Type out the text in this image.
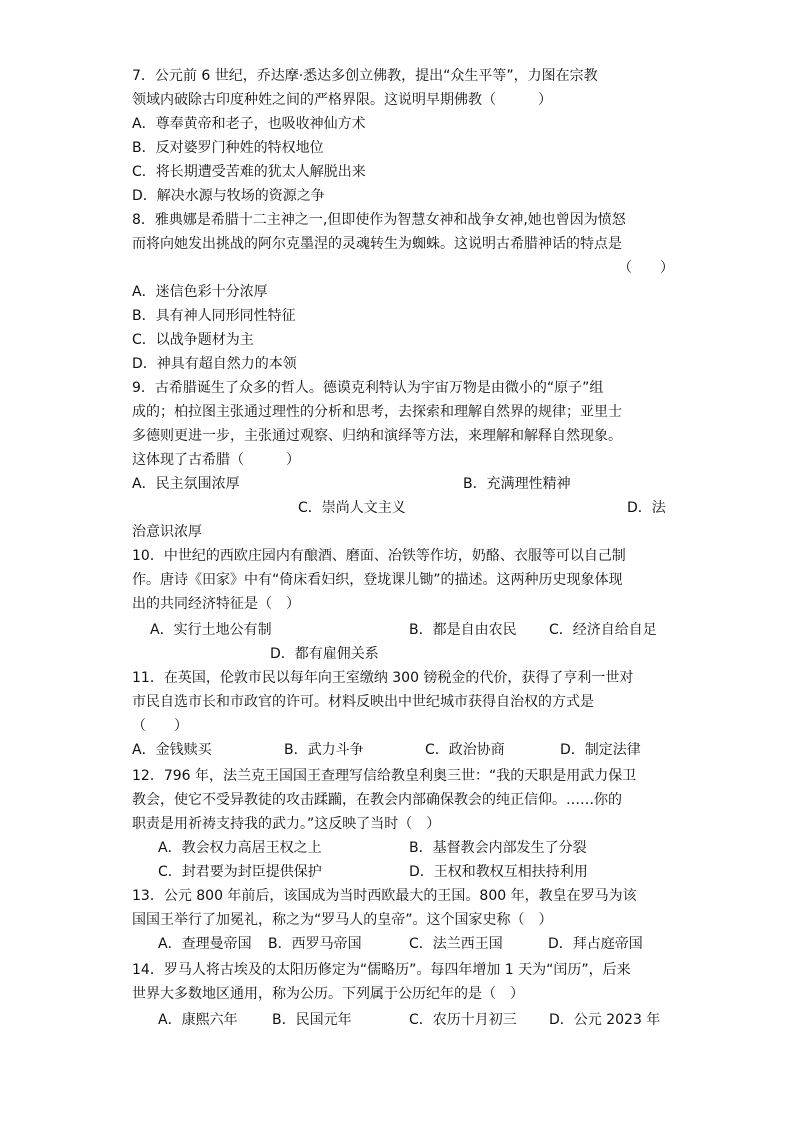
7．公元前 6 世纪，乔达摩·悉达多创立佛教，提出“众生平等”，力图在宗教
领域内破除古印度种姓之间的严格界限。这说明早期佛教（　　　）
A．尊奉黄帝和老子，也吸收神仙方术
B．反对婆罗门种姓的特权地位
C．将长期遭受苦难的犹太人解脱出来
D．解决水源与牧场的资源之争
8．雅典娜是希腊十二主神之一,但即使作为智慧女神和战争女神,她也曾因为愤怒
而将向她发出挑战的阿尔克墨涅的灵魂转生为蜘蛛。这说明古希腊神话的特点是
（　　）
A．迷信色彩十分浓厚
B．具有神人同形同性特征
C．以战争题材为主
D．神具有超自然力的本领
9．古希腊诞生了众多的哲人。德谟克利特认为宇宙万物是由微小的“原子”组
成的；柏拉图主张通过理性的分析和思考，去探索和理解自然界的规律；亚里士
多德则更进一步，主张通过观察、归纳和演绎等方法，来理解和解释自然现象。
这体现了古希腊（　　　）
A．民主氛围浓厚	B．充满理性精神
C．崇尚人文主义	D．法
治意识浓厚
10．中世纪的西欧庄园内有酿酒、磨面、冶铁等作坊，奶酪、衣服等可以自己制
作。唐诗《田家》中有“倚床看妇织，登垅课儿锄”的描述。这两种历史现象体现
出的共同经济特征是（　）
A．实行土地公有制	B．都是自由农民 C．经济自给自足
D．都有雇佣关系
11．在英国，伦敦市民以每年向王室缴纳 300 镑税金的代价，获得了亨利一世对
市民自选市长和市政官的许可。材料反映出中世纪城市获得自治权的方式是
（　　）
A．金钱赎买	B．武力斗争	C．政治协商	D．制定法律
12．796 年，法兰克王国国王查理写信给教皇利奥三世：“我的天职是用武力保卫
教会，使它不受异教徒的攻击蹂躏，在教会内部确保教会的纯正信仰。……你的
职责是用祈祷支持我的武力。”这反映了当时（　）
A．教会权力高居王权之上	B．基督教会内部发生了分裂
C．封君要为封臣提供保护	D．王权和教权互相扶持利用
13．公元 800 年前后，该国成为当时西欧最大的王国。800 年，教皇在罗马为该
国国王举行了加冕礼，称之为“罗马人的皇帝”。这个国家史称（　）
A．查理曼帝国 B．西罗马帝国	C．法兰西王国	D．拜占庭帝国
14．罗马人将古埃及的太阳历修定为“儒略历”。每四年增加 1 天为“闰历”，后来
世界大多数地区通用，称为公历。下列属于公历纪年的是（　）
A．康熙六年 B．民国元年	C．农历十月初三 D．公元 2023 年
